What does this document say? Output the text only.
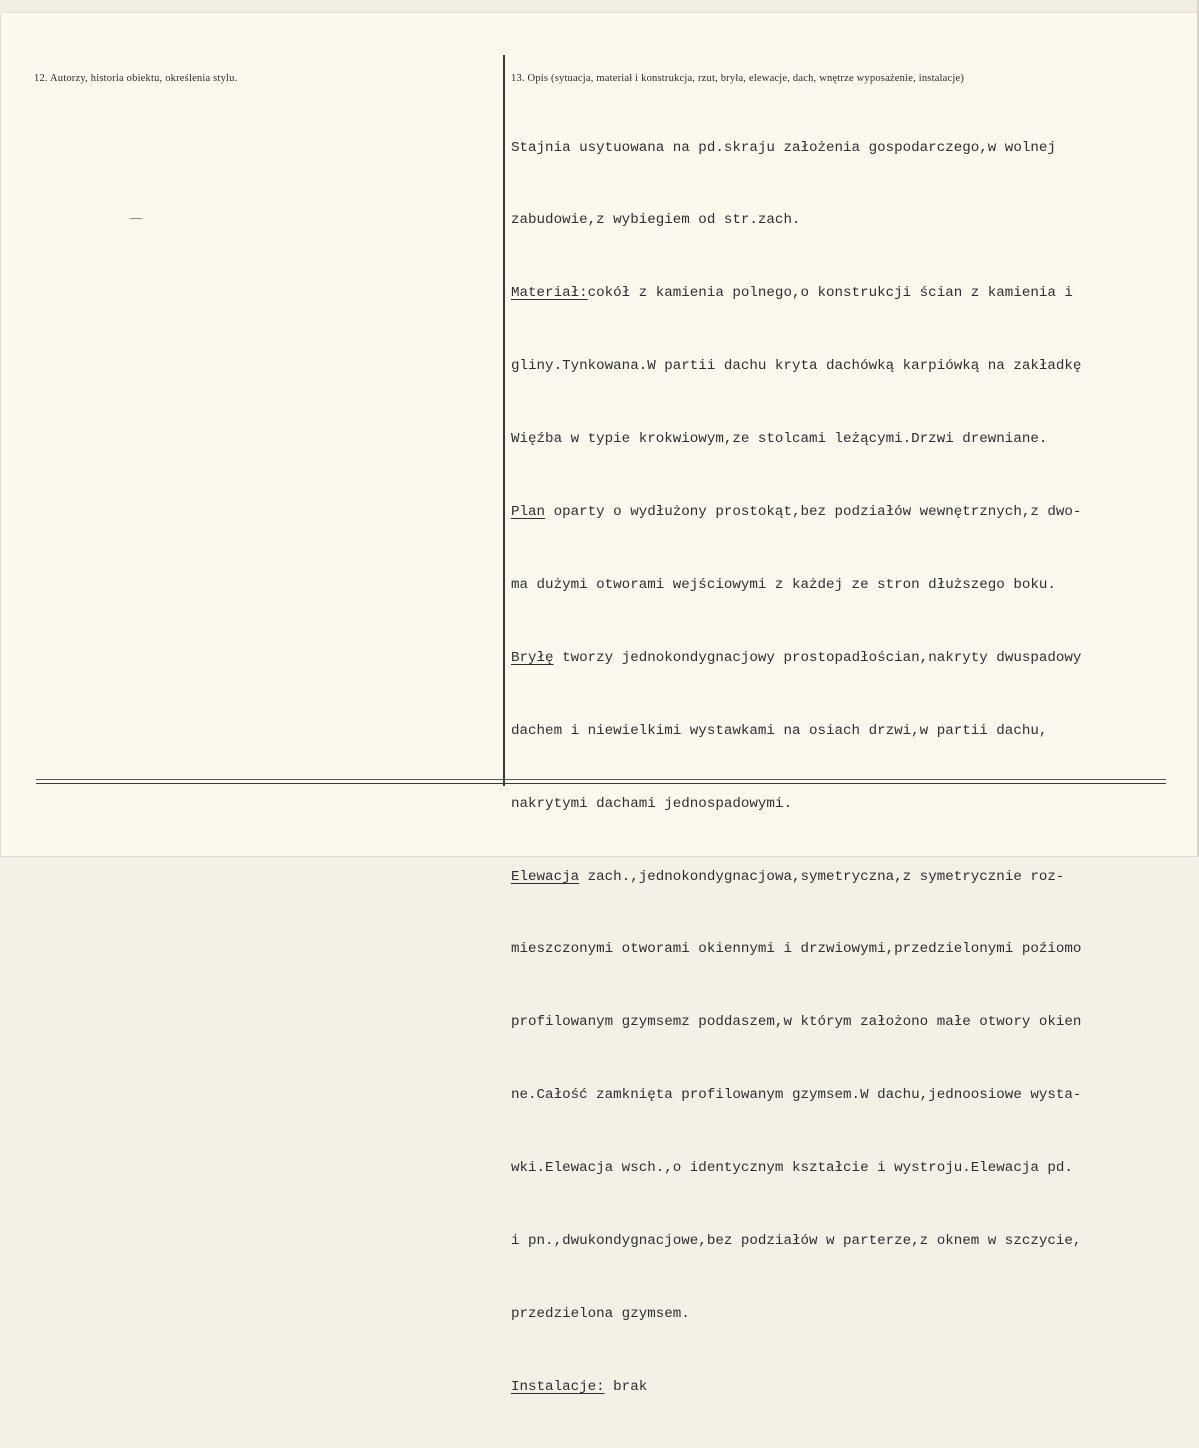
12. Autorzy, historia obiektu, określenia stylu.	13. Opis (sytuacja, materiał i konstrukcja, rzut, bryła, elewacje, dach, wnętrze wyposażenie, instalacje)

Stajnia usytuowana na pd.skraju założenia gospodarczego,w wolnej

zabudowie,z wybiegiem od str.zach.

Materiał:cokół z kamienia polnego,o konstrukcji ścian z kamienia i

gliny.Tynkowana.W partii dachu kryta dachówką karpiówką na zakładkę

Więźba w typie krokwiowym,ze stolcami leżącymi.Drzwi drewniane.

Plan oparty o wydłużony prostokąt,bez podziałów wewnętrznych,z dwo-

ma dużymi otworami wejściowymi z każdej ze stron dłuższego boku.

Bryłę tworzy jednokondygnacjowy prostopadłościan,nakryty dwuspadowy

dachem i niewielkimi wystawkami na osiach drzwi,w partii dachu,

nakrytymi dachami jednospadowymi.

Elewacja zach.,jednokondygnacjowa,symetryczna,z symetrycznie roz-

mieszczonymi otworami okiennymi i drzwiowymi,przedzielonymi poźiomo

profilowanym gzymsemz poddaszem,w którym założono małe otwory okien

ne.Całość zamknięta profilowanym gzymsem.W dachu,jednoosiowe wysta-

wki.Elewacja wsch.,o identycznym kształcie i wystroju.Elewacja pd.

i pn.,dwukondygnacjowe,bez podziałów w parterze,z oknem w szczycie,

przedzielona gzymsem.

Instalacje: brak
